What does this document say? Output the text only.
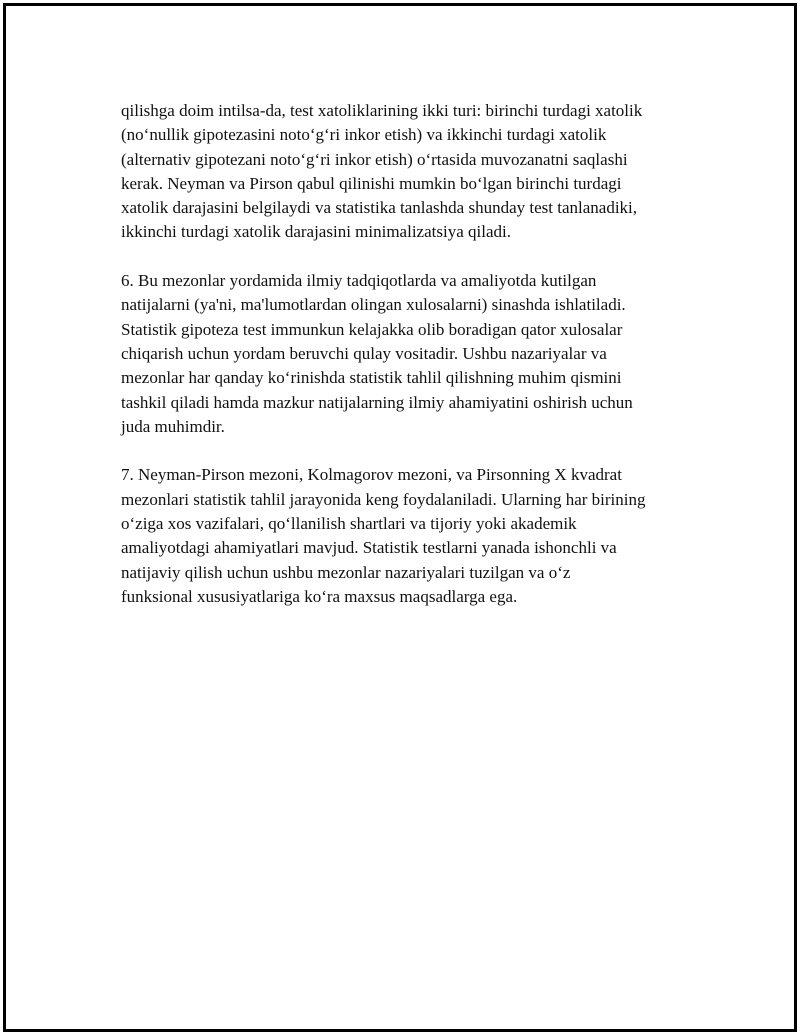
qilishga doim intilsa-da, test xatoliklarining ikki turi: birinchi turdagi xatolik
(no‘nullik gipotezasini noto‘g‘ri inkor etish) va ikkinchi turdagi xatolik
(alternativ gipotezani noto‘g‘ri inkor etish) o‘rtasida muvozanatni saqlashi
kerak. Neyman va Pirson qabul qilinishi mumkin bo‘lgan birinchi turdagi
xatolik darajasini belgilaydi va statistika tanlashda shunday test tanlanadiki,
ikkinchi turdagi xatolik darajasini minimalizatsiya qiladi.

6. Bu mezonlar yordamida ilmiy tadqiqotlarda va amaliyotda kutilgan
natijalarni (ya'ni, ma'lumotlardan olingan xulosalarni) sinashda ishlatiladi.
Statistik gipoteza test immunkun kelajakka olib boradigan qator xulosalar
chiqarish uchun yordam beruvchi qulay vositadir. Ushbu nazariyalar va
mezonlar har qanday ko‘rinishda statistik tahlil qilishning muhim qismini
tashkil qiladi hamda mazkur natijalarning ilmiy ahamiyatini oshirish uchun
juda muhimdir.

7. Neyman-Pirson mezoni, Kolmagorov mezoni, va Pirsonning X kvadrat
mezonlari statistik tahlil jarayonida keng foydalaniladi. Ularning har birining
o‘ziga xos vazifalari, qo‘llanilish shartlari va tijoriy yoki akademik
amaliyotdagi ahamiyatlari mavjud. Statistik testlarni yanada ishonchli va
natijaviy qilish uchun ushbu mezonlar nazariyalari tuzilgan va o‘z
funksional xususiyatlariga ko‘ra maxsus maqsadlarga ega.
